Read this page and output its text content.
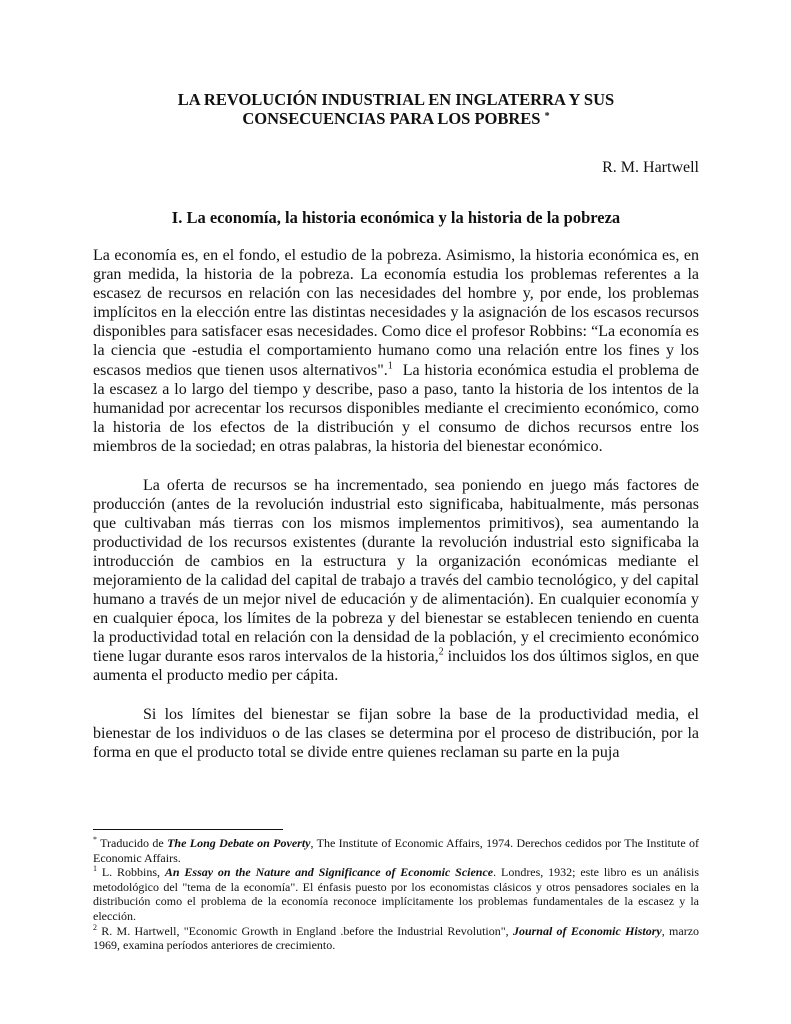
LA REVOLUCIÓN INDUSTRIAL EN INGLATERRA Y SUS
CONSECUENCIAS PARA LOS POBRES *

R. M. Hartwell

I. La economía, la historia económica y la historia de la pobreza

La economía es, en el fondo, el estudio de la pobreza. Asimismo, la historia económica es, en gran medida, la historia de la pobreza. La economía estudia los problemas referentes a la escasez de recursos en relación con las necesidades del hombre y, por ende, los problemas implícitos en la elección entre las distintas necesidades y la asignación de los escasos recursos disponibles para satisfacer esas necesidades. Como dice el profesor Robbins: “La economía es la ciencia que -estudia el comportamiento humano como una relación entre los fines y los escasos medios que tienen usos alternativos".$^1$  La historia económica estudia el problema de la escasez a lo largo del tiempo y describe, paso a paso, tanto la historia de los intentos de la humanidad por acrecentar los recursos disponibles mediante el crecimiento económico, como la historia de los efectos de la distribución y el consumo de dichos recursos entre los miembros de la sociedad; en otras palabras, la historia del bienestar económico.

La oferta de recursos se ha incrementado, sea poniendo en juego más factores de producción (antes de la revolución industrial esto significaba, habitualmente, más personas que cultivaban más tierras con los mismos implementos primitivos), sea aumentando la productividad de los recursos existentes (durante la revolución industrial esto significaba la introducción de cambios en la estructura y la organización económicas mediante el mejoramiento de la calidad del capital de trabajo a través del cambio tecnológico, y del capital humano a través de un mejor nivel de educación y de alimentación). En cualquier economía y en cualquier época, los límites de la pobreza y del bienestar se establecen teniendo en cuenta la productividad total en relación con la densidad de la población, y el crecimiento económico tiene lugar durante esos raros intervalos de la historia,$^2$ incluidos los dos últimos siglos, en que aumenta el producto medio per cápita.

Si los límites del bienestar se fijan sobre la base de la productividad media, el bienestar de los individuos o de las clases se determina por el proceso de distribución, por la forma en que el producto total se divide entre quienes reclaman su parte en la puja

* Traducido de The Long Debate on Poverty, The Institute of Economic Affairs, 1974. Derechos cedidos por The Institute of Economic Affairs.

$^1$ L. Robbins, An Essay on the Nature and Significance of Economic Science. Londres, 1932; este libro es un análisis metodológico del "tema de la economía". El énfasis puesto por los economistas clásicos y otros pensadores sociales en la distribución como el problema de la economía reconoce implícitamente los problemas fundamentales de la escasez y la elección.

$^2$ R. M. Hartwell, "Economic Growth in England .before the Industrial Revolution", Journal of Economic History, marzo 1969, examina períodos anteriores de crecimiento.
